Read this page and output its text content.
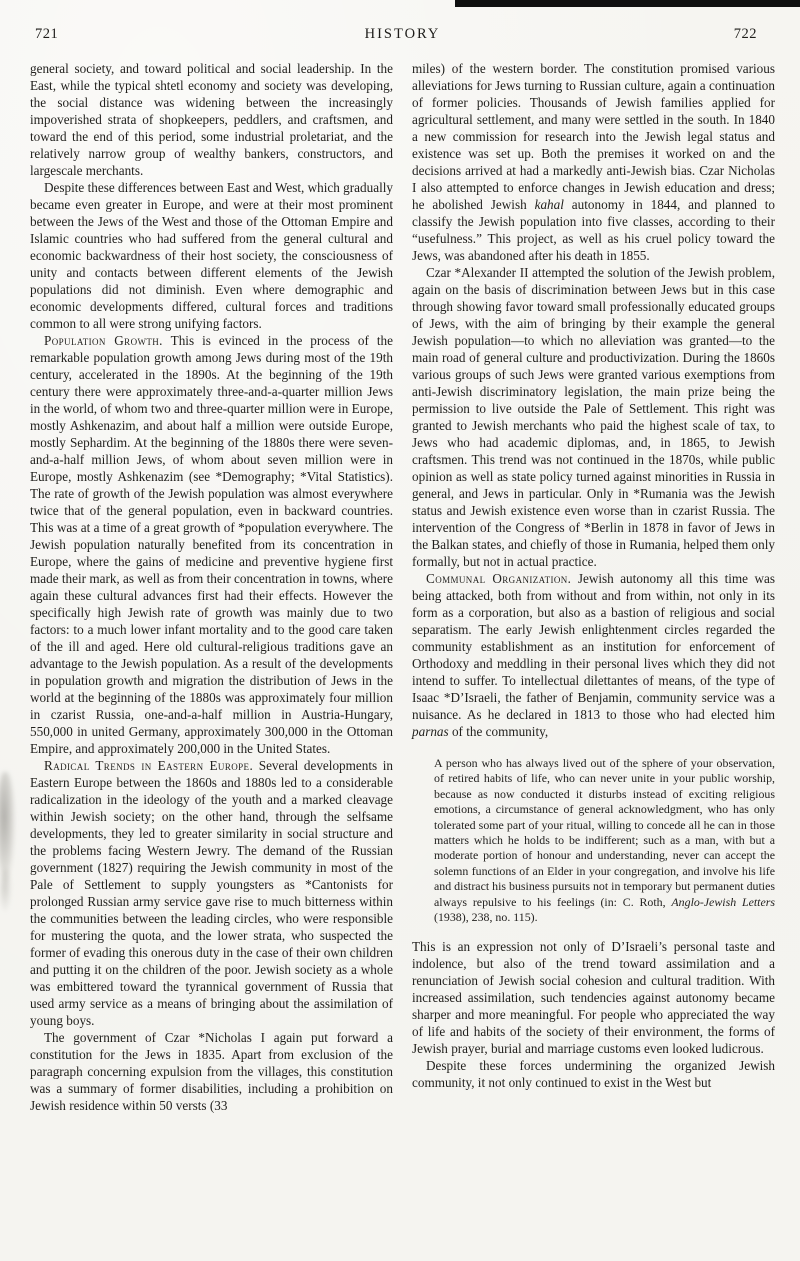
721	HISTORY	722

general society, and toward political and social leadership. In the East, while the typical shtetl economy and society was developing, the social distance was widening between the increasingly impoverished strata of shopkeepers, peddlers, and craftsmen, and toward the end of this period, some industrial proletariat, and the relatively narrow group of wealthy bankers, constructors, and largescale merchants.

Despite these differences between East and West, which gradually became even greater in Europe, and were at their most prominent between the Jews of the West and those of the Ottoman Empire and Islamic countries who had suffered from the general cultural and economic backwardness of their host society, the consciousness of unity and contacts between different elements of the Jewish populations did not diminish. Even where demographic and economic developments differed, cultural forces and traditions common to all were strong unifying factors.

Population Growth. This is evinced in the process of the remarkable population growth among Jews during most of the 19th century, accelerated in the 1890s. At the beginning of the 19th century there were approximately three-and-a-quarter million Jews in the world, of whom two and three-quarter million were in Europe, mostly Ashkenazim, and about half a million were outside Europe, mostly Sephardim. At the beginning of the 1880s there were seven-and-a-half million Jews, of whom about seven million were in Europe, mostly Ashkenazim (see *Demography; *Vital Statistics). The rate of growth of the Jewish population was almost everywhere twice that of the general population, even in backward countries. This was at a time of a great growth of *population everywhere. The Jewish population naturally benefited from its concentration in Europe, where the gains of medicine and preventive hygiene first made their mark, as well as from their concentration in towns, where again these cultural advances first had their effects. However the specifically high Jewish rate of growth was mainly due to two factors: to a much lower infant mortality and to the good care taken of the ill and aged. Here old cultural-religious traditions gave an advantage to the Jewish population. As a result of the developments in population growth and migration the distribution of Jews in the world at the beginning of the 1880s was approximately four million in czarist Russia, one-and-a-half million in Austria-Hungary, 550,000 in united Germany, approximately 300,000 in the Ottoman Empire, and approximately 200,000 in the United States.

Radical Trends in Eastern Europe. Several developments in Eastern Europe between the 1860s and 1880s led to a considerable radicalization in the ideology of the youth and a marked cleavage within Jewish society; on the other hand, through the selfsame developments, they led to greater similarity in social structure and the problems facing Western Jewry. The demand of the Russian government (1827) requiring the Jewish community in most of the Pale of Settlement to supply youngsters as *Cantonists for prolonged Russian army service gave rise to much bitterness within the communities between the leading circles, who were responsible for mustering the quota, and the lower strata, who suspected the former of evading this onerous duty in the case of their own children and putting it on the children of the poor. Jewish society as a whole was embittered toward the tyrannical government of Russia that used army service as a means of bringing about the assimilation of young boys.

The government of Czar *Nicholas I again put forward a constitution for the Jews in 1835. Apart from exclusion of the paragraph concerning expulsion from the villages, this constitution was a summary of former disabilities, including a prohibition on Jewish residence within 50 versts (33

miles) of the western border. The constitution promised various alleviations for Jews turning to Russian culture, again a continuation of former policies. Thousands of Jewish families applied for agricultural settlement, and many were settled in the south. In 1840 a new commission for research into the Jewish legal status and existence was set up. Both the premises it worked on and the decisions arrived at had a markedly anti-Jewish bias. Czar Nicholas I also attempted to enforce changes in Jewish education and dress; he abolished Jewish kahal autonomy in 1844, and planned to classify the Jewish population into five classes, according to their “usefulness.” This project, as well as his cruel policy toward the Jews, was abandoned after his death in 1855.

Czar *Alexander II attempted the solution of the Jewish problem, again on the basis of discrimination between Jews but in this case through showing favor toward small professionally educated groups of Jews, with the aim of bringing by their example the general Jewish population—to which no alleviation was granted—to the main road of general culture and productivization. During the 1860s various groups of such Jews were granted various exemptions from anti-Jewish discriminatory legislation, the main prize being the permission to live outside the Pale of Settlement. This right was granted to Jewish merchants who paid the highest scale of tax, to Jews who had academic diplomas, and, in 1865, to Jewish craftsmen. This trend was not continued in the 1870s, while public opinion as well as state policy turned against minorities in Russia in general, and Jews in particular. Only in *Rumania was the Jewish status and Jewish existence even worse than in czarist Russia. The intervention of the Congress of *Berlin in 1878 in favor of Jews in the Balkan states, and chiefly of those in Rumania, helped them only formally, but not in actual practice.

Communal Organization. Jewish autonomy all this time was being attacked, both from without and from within, not only in its form as a corporation, but also as a bastion of religious and social separatism. The early Jewish enlightenment circles regarded the community establishment as an institution for enforcement of Orthodoxy and meddling in their personal lives which they did not intend to suffer. To intellectual dilettantes of means, of the type of Isaac *D’Israeli, the father of Benjamin, community service was a nuisance. As he declared in 1813 to those who had elected him parnas of the community,

A person who has always lived out of the sphere of your observation, of retired habits of life, who can never unite in your public worship, because as now conducted it disturbs instead of exciting religious emotions, a circumstance of general acknowledgment, who has only tolerated some part of your ritual, willing to concede all he can in those matters which he holds to be indifferent; such as a man, with but a moderate portion of honour and understanding, never can accept the solemn functions of an Elder in your congregation, and involve his life and distract his business pursuits not in temporary but permanent duties always repulsive to his feelings (in: C. Roth, Anglo-Jewish Letters (1938), 238, no. 115).

This is an expression not only of D’Israeli’s personal taste and indolence, but also of the trend toward assimilation and a renunciation of Jewish social cohesion and cultural tradition. With increased assimilation, such tendencies against autonomy became sharper and more meaningful. For people who appreciated the way of life and habits of the society of their environment, the forms of Jewish prayer, burial and marriage customs even looked ludicrous.

Despite these forces undermining the organized Jewish community, it not only continued to exist in the West but
